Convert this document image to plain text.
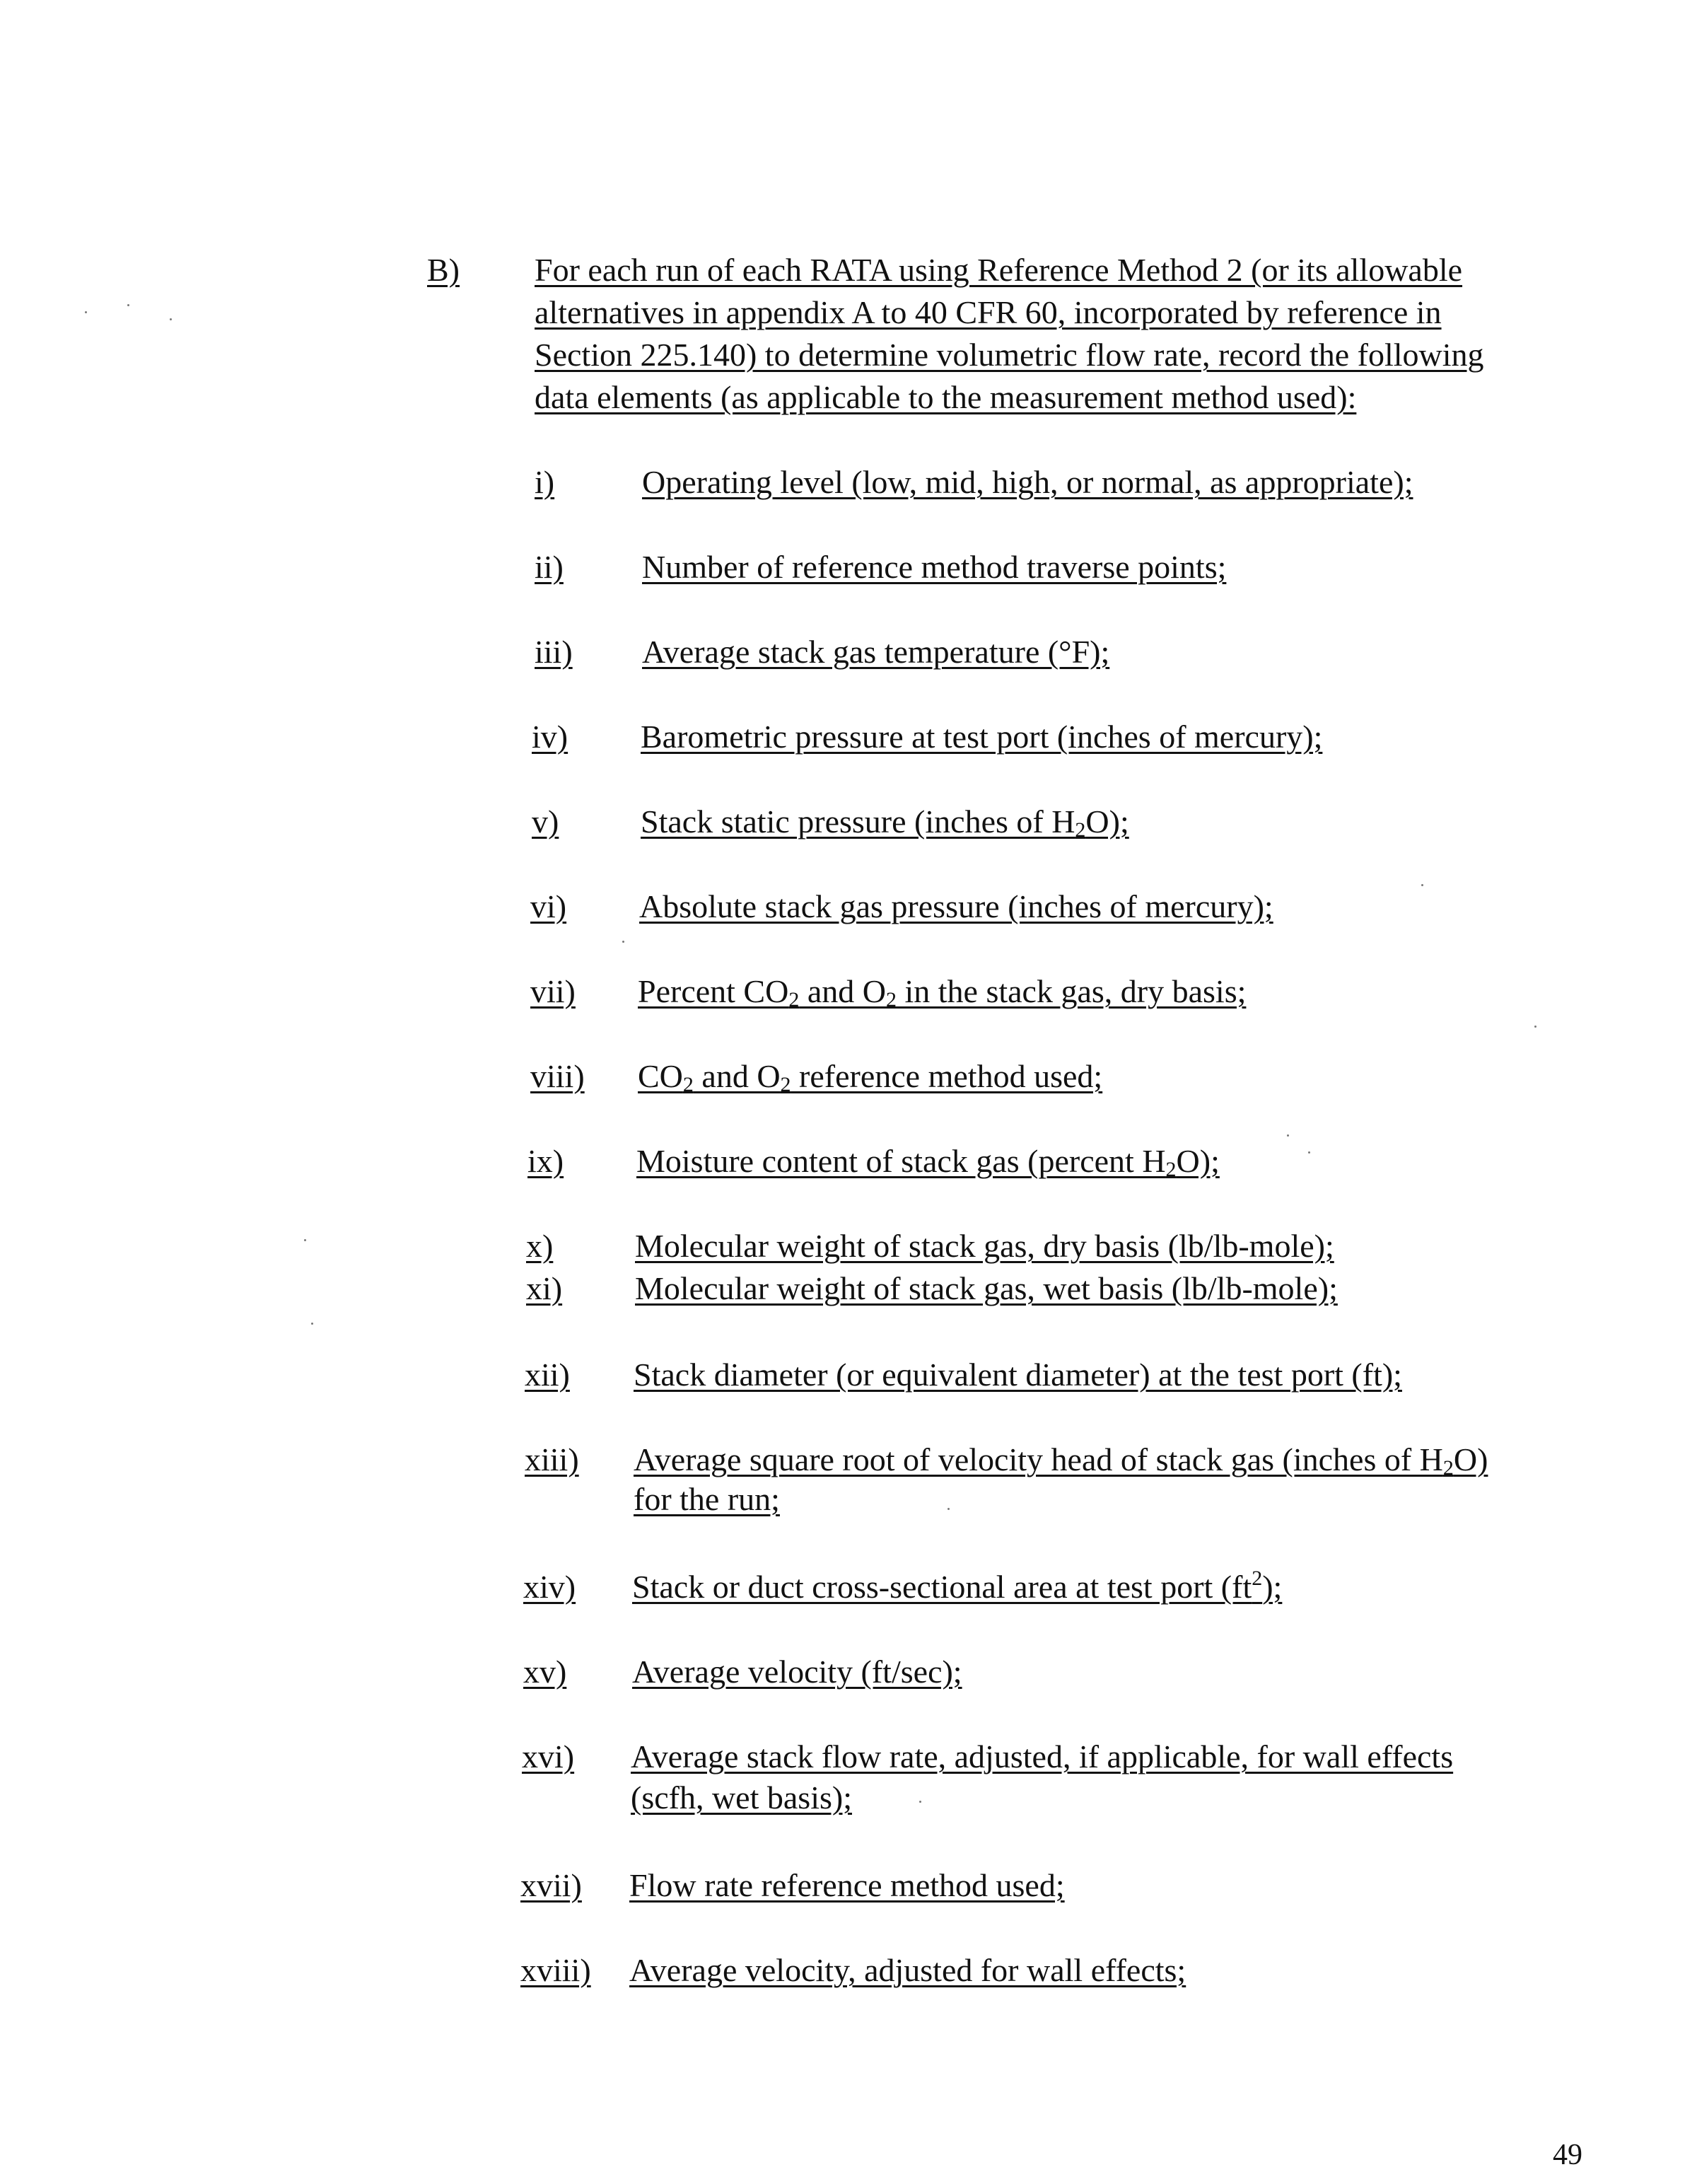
B) For each run of each RATA using Reference Method 2 (or its allowable
alternatives in appendix A to 40 CFR 60, incorporated by reference in
Section 225.140) to determine volumetric flow rate, record the following
data elements (as applicable to the measurement method used):
i)	Operating level (low, mid, high, or normal, as appropriate);
ii) Number of reference method traverse points;
iii) Average stack gas temperature (°F);
iv) Barometric pressure at test port (inches of mercury);
v)	Stack static pressure (inches of $H_2O$);
vi) Absolute stack gas pressure (inches of mercury);
vii) Percent $CO_2$ and $O_2$ in the stack gas, dry basis;
viii) $CO_2$ and $O_2$ reference method used;
ix) Moisture content of stack gas (percent $H_2O$);
x)	Molecular weight of stack gas, dry basis (lb/lb-mole);
xi) Molecular weight of stack gas, wet basis (lb/lb-mole);
xii) Stack diameter (or equivalent diameter) at the test port (ft);
xiii) Average square root of velocity head of stack gas (inches of $H_2O$)
for the run;
xiv) Stack or duct cross-sectional area at test port $(ft^2)$;
xv) Average velocity (ft/sec);
xvi) Average stack flow rate, adjusted, if applicable, for wall effects
(scfh, wet basis);
xvii) Flow rate reference method used;
xviii) Average velocity, adjusted for wall effects;
49
